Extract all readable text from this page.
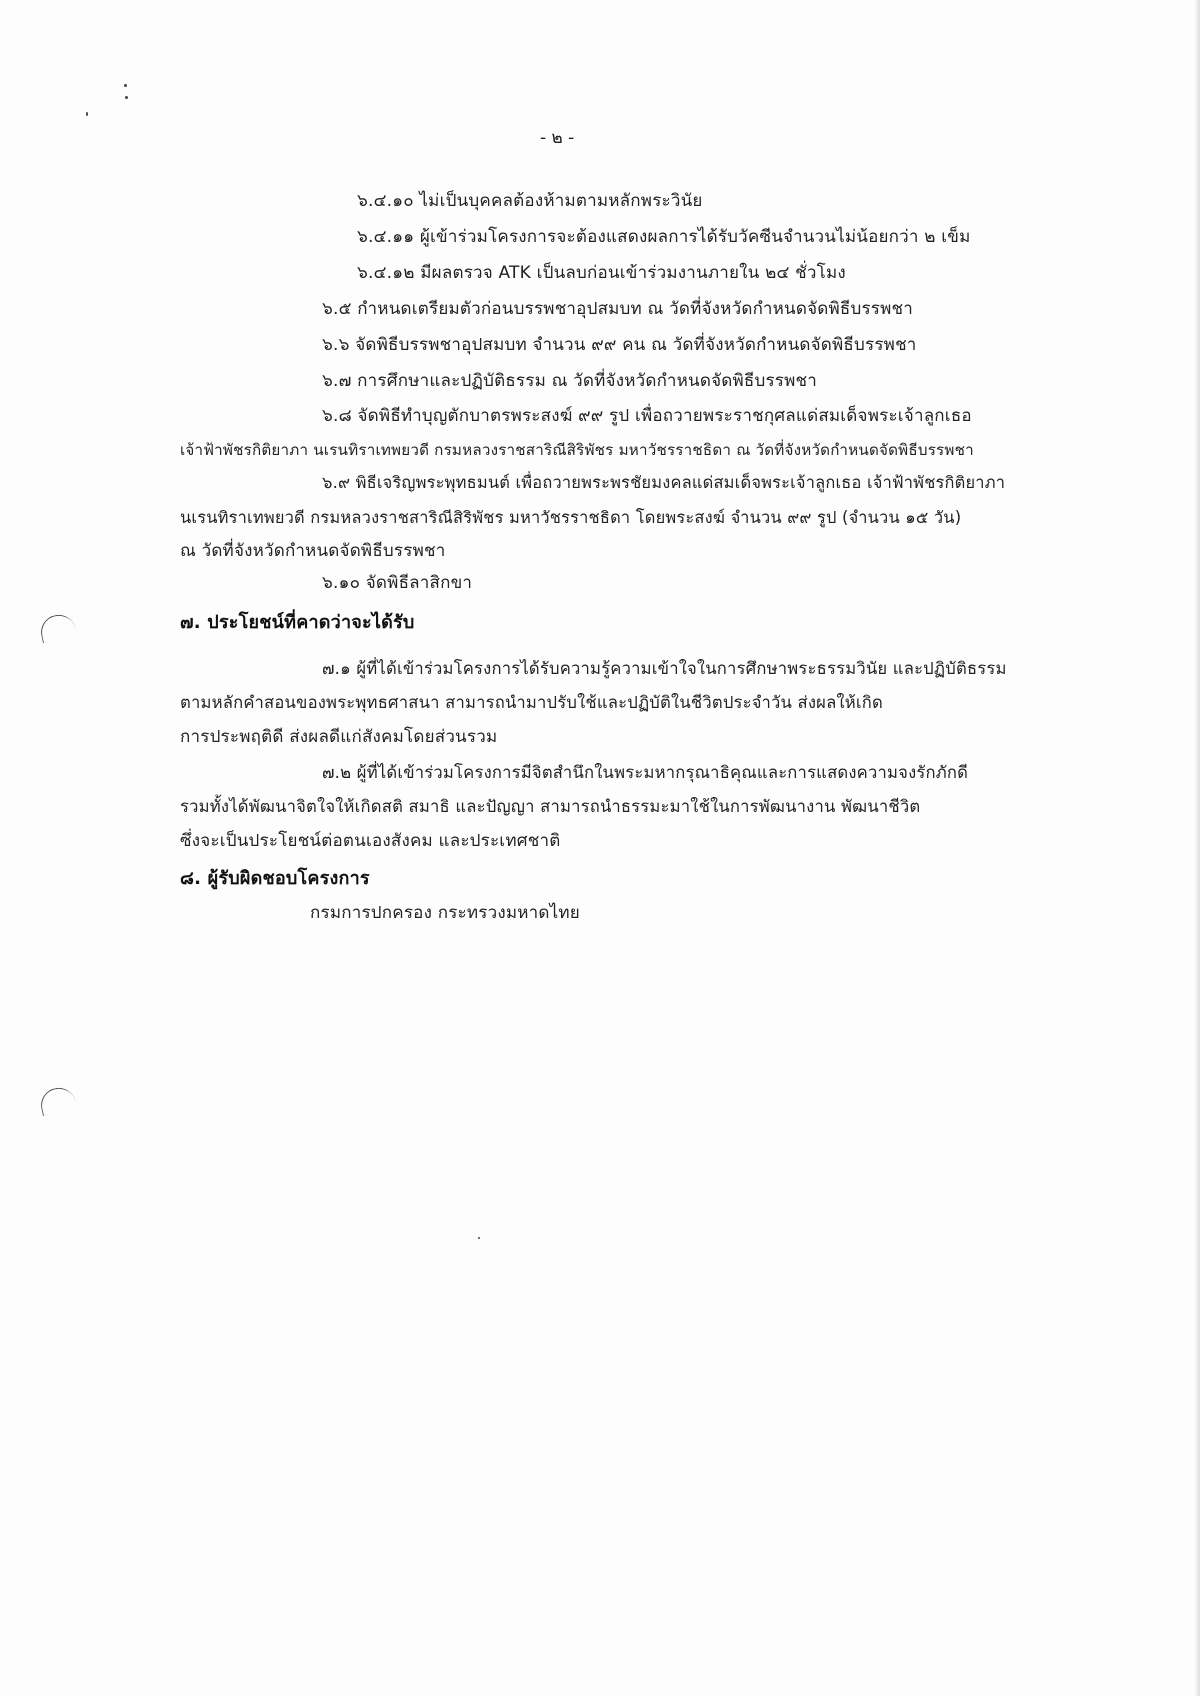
- ๒ -
๖.๔.๑๐ ไม่เป็นบุคคลต้องห้ามตามหลักพระวินัย
๖.๔.๑๑ ผู้เข้าร่วมโครงการจะต้องแสดงผลการได้รับวัคซีนจำนวนไม่น้อยกว่า ๒ เข็ม
๖.๔.๑๒ มีผลตรวจ ATK เป็นลบก่อนเข้าร่วมงานภายใน ๒๔ ชั่วโมง
๖.๕ กำหนดเตรียมตัวก่อนบรรพชาอุปสมบท ณ วัดที่จังหวัดกำหนดจัดพิธีบรรพชา
๖.๖ จัดพิธีบรรพชาอุปสมบท จำนวน ๙๙ คน ณ วัดที่จังหวัดกำหนดจัดพิธีบรรพชา
๖.๗ การศึกษาและปฏิบัติธรรม ณ วัดที่จังหวัดกำหนดจัดพิธีบรรพชา
๖.๘ จัดพิธีทำบุญตักบาตรพระสงฆ์ ๙๙ รูป เพื่อถวายพระราชกุศลแด่สมเด็จพระเจ้าลูกเธอ
เจ้าฟ้าพัชรกิติยาภา นเรนทิราเทพยวดี กรมหลวงราชสาริณีสิริพัชร มหาวัชรราชธิดา ณ วัดที่จังหวัดกำหนดจัดพิธีบรรพชา
๖.๙ พิธีเจริญพระพุทธมนต์ เพื่อถวายพระพรชัยมงคลแด่สมเด็จพระเจ้าลูกเธอ เจ้าฟ้าพัชรกิติยาภา
นเรนทิราเทพยวดี กรมหลวงราชสาริณีสิริพัชร มหาวัชรราชธิดา โดยพระสงฆ์ จำนวน ๙๙ รูป (จำนวน ๑๕ วัน)
ณ วัดที่จังหวัดกำหนดจัดพิธีบรรพชา
๖.๑๐ จัดพิธีลาสิกขา
๗. ประโยชน์ที่คาดว่าจะได้รับ
๗.๑ ผู้ที่ได้เข้าร่วมโครงการได้รับความรู้ความเข้าใจในการศึกษาพระธรรมวินัย และปฏิบัติธรรม
ตามหลักคำสอนของพระพุทธศาสนา สามารถนำมาปรับใช้และปฏิบัติในชีวิตประจำวัน ส่งผลให้เกิด
การประพฤติดี ส่งผลดีแก่สังคมโดยส่วนรวม
๗.๒ ผู้ที่ได้เข้าร่วมโครงการมีจิตสำนึกในพระมหากรุณาธิคุณและการแสดงความจงรักภักดี
รวมทั้งได้พัฒนาจิตใจให้เกิดสติ สมาธิ และปัญญา สามารถนำธรรมะมาใช้ในการพัฒนางาน พัฒนาชีวิต
ซึ่งจะเป็นประโยชน์ต่อตนเองสังคม และประเทศชาติ
๘. ผู้รับผิดชอบโครงการ
กรมการปกครอง กระทรวงมหาดไทย
